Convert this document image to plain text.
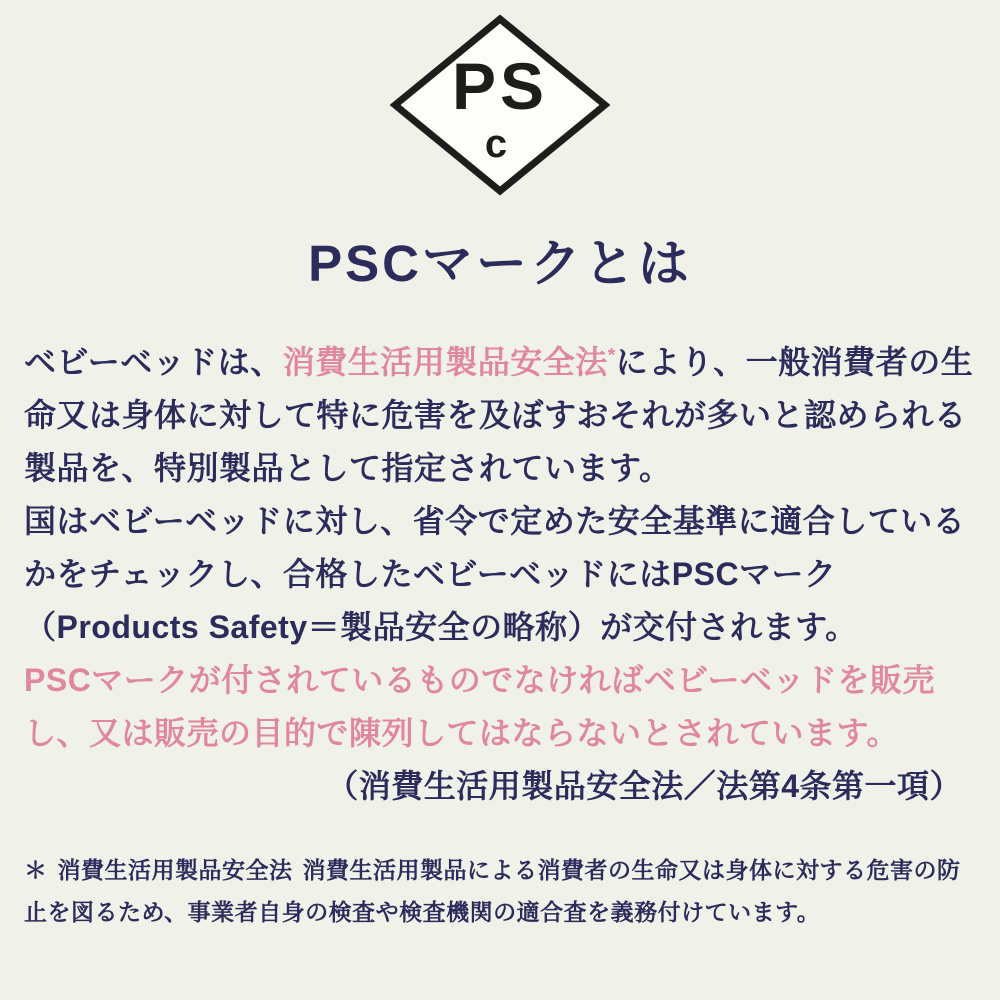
PS
c
PSCマークとは

ベビーベッドは、消費生活用製品安全法*により、一般消費者の生命又は身体に対して特に危害を及ぼすおそれが多いと認められる製品を、特別製品として指定されています。

国はベビーベッドに対し、省令で定めた安全基準に適合しているかをチェックし、合格したベビーベッドにはPSCマーク（Products Safety＝製品安全の略称）が交付されます。

PSCマークが付されているものでなければベビーベッドを販売し、又は販売の目的で陳列してはならないとされています。

（消費生活用製品安全法／法第4条第一項）

＊ 消費生活用製品安全法 消費生活用製品による消費者の生命又は身体に対する危害の防止を図るため、事業者自身の検査や検査機関の適合査を義務付けています。
